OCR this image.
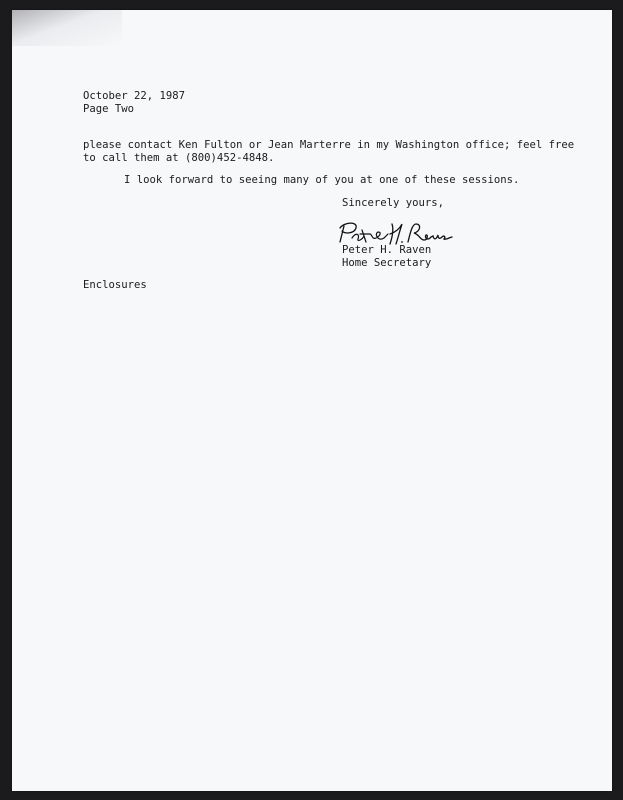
October 22, 1987
Page Two
please contact Ken Fulton or Jean Marterre in my Washington office; feel free
to call them at (800)452-4848.
I look forward to seeing many of you at one of these sessions.
Sincerely yours,
Peter H. Raven
Home Secretary
Enclosures
